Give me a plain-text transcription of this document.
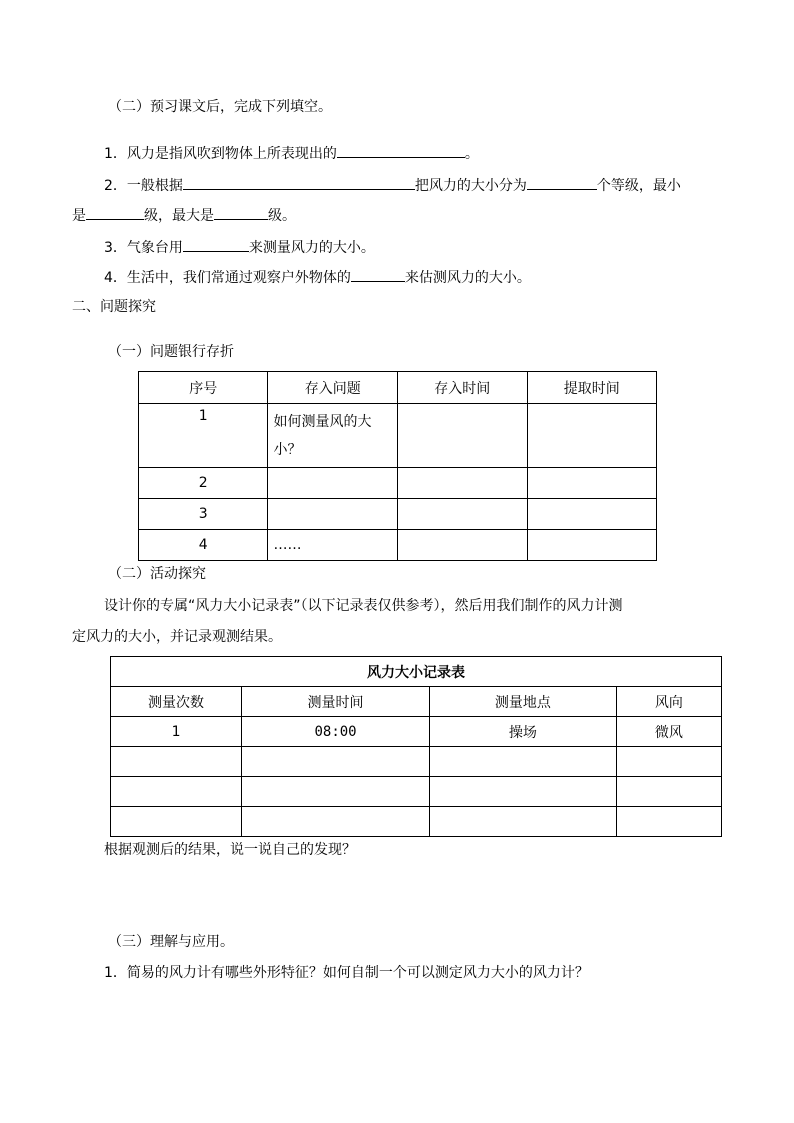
（二）预习课文后，完成下列填空。
1．风力是指风吹到物体上所表现出的	。
2．一般根据	把风力的大小分为	个等级，最小
是	级，最大是	级。
3．气象台用	来测量风力的大小。
4．生活中，我们常通过观察户外物体的	来估测风力的大小。
二、问题探究
（一）问题银行存折
序号	存入问题	存入时间	提取时间
1	如何测量风的大小？		
2			
3			
4	……		
（二）活动探究
设计你的专属“风力大小记录表”（以下记录表仅供参考），然后用我们制作的风力计测
定风力的大小，并记录观测结果。
风力大小记录表			
测量次数	测量时间	测量地点	风向
1	08:00	操场	微风

根据观测后的结果，说一说自己的发现？
（三）理解与应用。
1．简易的风力计有哪些外形特征？如何自制一个可以测定风力大小的风力计？
